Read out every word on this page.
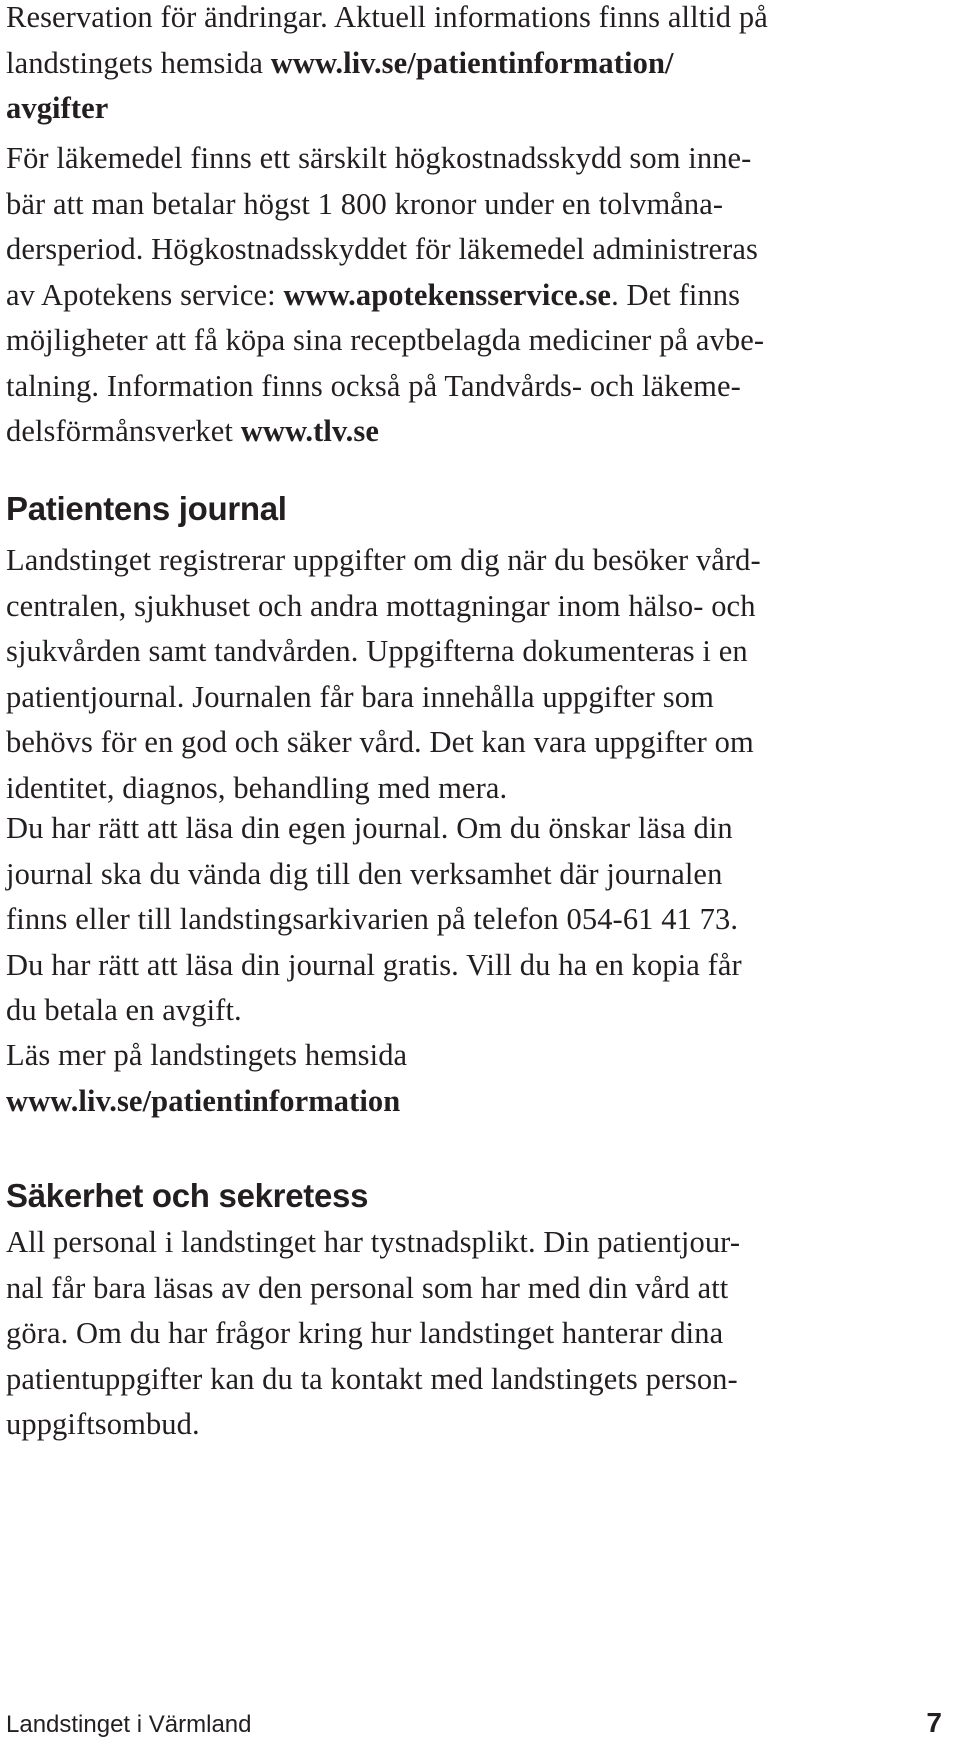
Reservation för ändringar. Aktuell informations finns alltid på

landstingets hemsida www.liv.se/patientinformation/

avgifter

För läkemedel finns ett särskilt högkostnadsskydd som inne-

bär att man betalar högst 1 800 kronor under en tolvmåna-

dersperiod. Högkostnadsskyddet för läkemedel administreras

av Apotekens service: www.apotekensservice.se. Det finns

möjligheter att få köpa sina receptbelagda mediciner på avbe-

talning. Information finns också på Tandvårds- och läkeme-

delsförmånsverket www.tlv.se

Patientens journal

Landstinget registrerar uppgifter om dig när du besöker vård-

centralen, sjukhuset och andra mottagningar inom hälso- och

sjukvården samt tandvården. Uppgifterna dokumenteras i en

patientjournal. Journalen får bara innehålla uppgifter som

behövs för en god och säker vård. Det kan vara uppgifter om

identitet, diagnos, behandling med mera.

Du har rätt att läsa din egen journal. Om du önskar läsa din

journal ska du vända dig till den verksamhet där journalen

finns eller till landstingsarkivarien på telefon 054-61 41 73.

Du har rätt att läsa din journal gratis. Vill du ha en kopia får

du betala en avgift.

Läs mer på landstingets hemsida

www.liv.se/patientinformation

Säkerhet och sekretess

All personal i landstinget har tystnadsplikt. Din patientjour-

nal får bara läsas av den personal som har med din vård att

göra. Om du har frågor kring hur landstinget hanterar dina

patientuppgifter kan du ta kontakt med landstingets person-

uppgiftsombud.

Landstinget i Värmland	7
